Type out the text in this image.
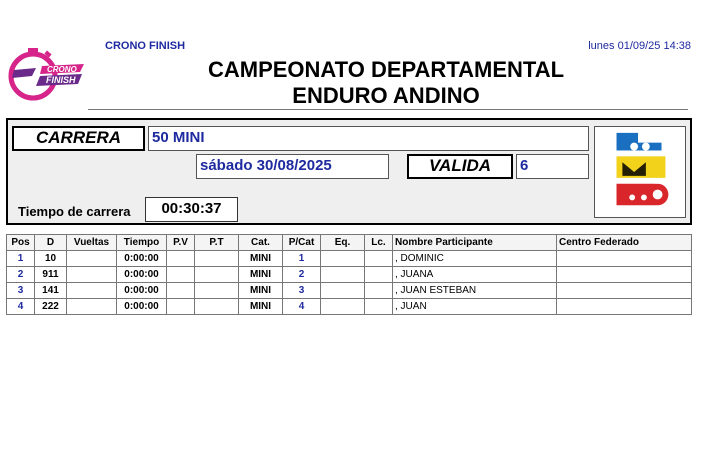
CRONO
FINISH
CRONO FINISH	lunes 01/09/25 14:38
CAMPEONATO DEPARTAMENTAL
ENDURO ANDINO
CARRERA	50 MINI
sábado 30/08/2025	VALIDA	6
Tiempo de carrera	00:30:37
Pos	D	Vueltas	Tiempo	P.V	P.T	Cat.	P/Cat	Eq.	Lc.	Nombre Participante	Centro Federado
1	10		0:00:00			MINI	1			, DOMINIC	
2	911		0:00:00			MINI	2			, JUANA	
3	141		0:00:00			MINI	3			, JUAN ESTEBAN	
4	222		0:00:00			MINI	4			, JUAN	
